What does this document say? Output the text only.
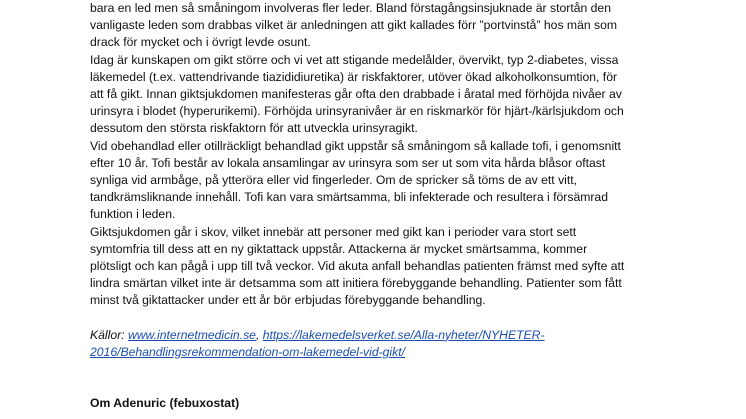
bara en led men så småningom involveras fler leder. Bland förstagångsinsjuknade är stortån den
vanligaste leden som drabbas vilket är anledningen att gikt kallades förr ”portvinstå” hos män som
drack för mycket och i övrigt levde osunt.
Idag är kunskapen om gikt större och vi vet att stigande medelålder, övervikt, typ 2-diabetes, vissa
läkemedel (t.ex. vattendrivande tiazididiuretika) är riskfaktorer, utöver ökad alkoholkonsumtion, för
att få gikt. Innan giktsjukdomen manifesteras går ofta den drabbade i åratal med förhöjda nivåer av
urinsyra i blodet (hyperurikemi). Förhöjda urinsyranivåer är en riskmarkör för hjärt-/kärlsjukdom och
dessutom den största riskfaktorn för att utveckla urinsyragikt.
Vid obehandlad eller otillräckligt behandlad gikt uppstår så småningom så kallade tofi, i genomsnitt
efter 10 år. Tofi består av lokala ansamlingar av urinsyra som ser ut som vita hårda blåsor oftast
synliga vid armbåge, på ytteröra eller vid fingerleder. Om de spricker så töms de av ett vitt,
tandkrämsliknande innehåll. Tofi kan vara smärtsamma, bli infekterade och resultera i försämrad
funktion i leden.
Giktsjukdomen går i skov, vilket innebär att personer med gikt kan i perioder vara stort sett
symtomfria till dess att en ny giktattack uppstår. Attackerna är mycket smärtsamma, kommer
plötsligt och kan pågå i upp till två veckor. Vid akuta anfall behandlas patienten främst med syfte att
lindra smärtan vilket inte är detsamma som att initiera förebyggande behandling. Patienter som fått
minst två giktattacker under ett år bör erbjudas förebyggande behandling.
Källor: www.internetmedicin.se, https://lakemedelsverket.se/Alla-nyheter/NYHETER-
2016/Behandlingsrekommendation-om-lakemedel-vid-gikt/
Om Adenuric (febuxostat)
